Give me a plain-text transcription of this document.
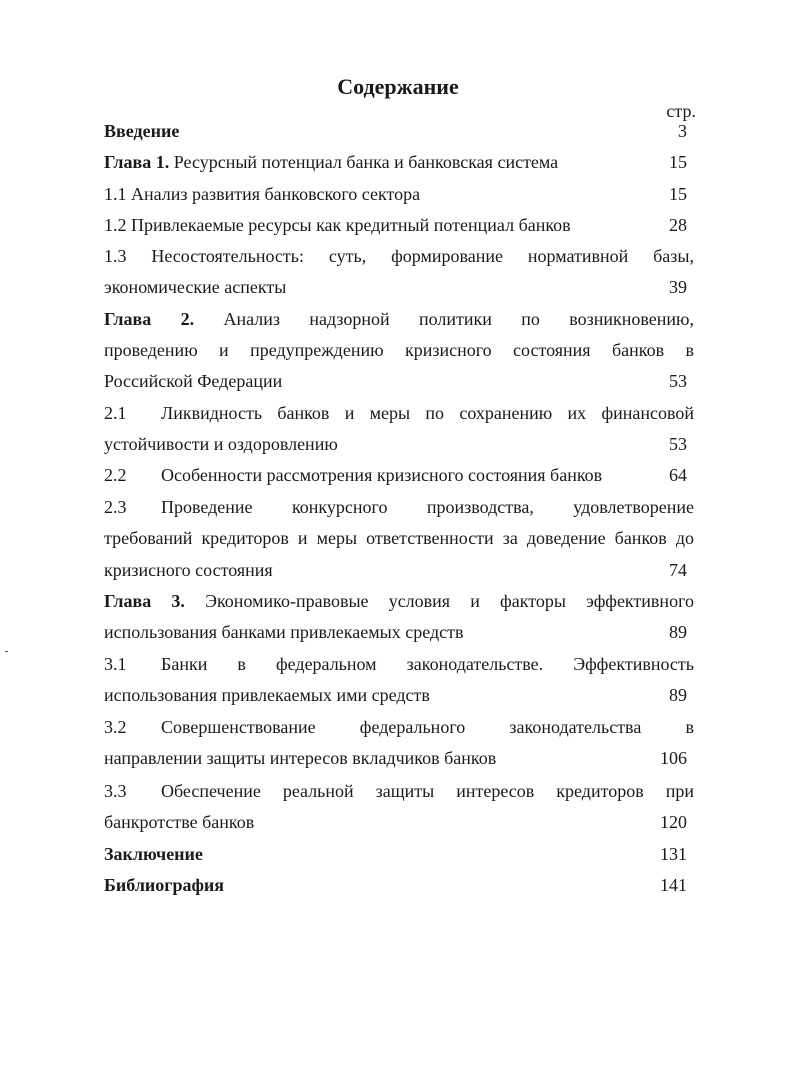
Содержание
стр.
Введение	3
Глава 1. Ресурсный потенциал банка и банковская система	15
1.1 Анализ развития банковского сектора	15
1.2 Привлекаемые ресурсы как кредитный потенциал банков	28
1.3 Несостоятельность: суть, формирование нормативной базы,
экономические аспекты	39
Глава 2. Анализ надзорной политики по возникновению,
проведению и предупреждению кризисного состояния банков в
Российской Федерации	53
2.1 Ликвидность банков и меры по сохранению их финансовой
устойчивости и оздоровлению	53
2.2 Особенности рассмотрения кризисного состояния банков	64
2.3 Проведение конкурсного производства, удовлетворение
требований кредиторов и меры ответственности за доведение банков до
кризисного состояния	74
Глава 3. Экономико-правовые условия и факторы эффективного
использования банками привлекаемых средств	89
3.1 Банки в федеральном законодательстве. Эффективность
использования привлекаемых ими средств	89
3.2 Совершенствование федерального законодательства в
направлении защиты интересов вкладчиков банков	106
3.3 Обеспечение реальной защиты интересов кредиторов при
банкротстве банков	120
Заключение	131
Библиография	141
